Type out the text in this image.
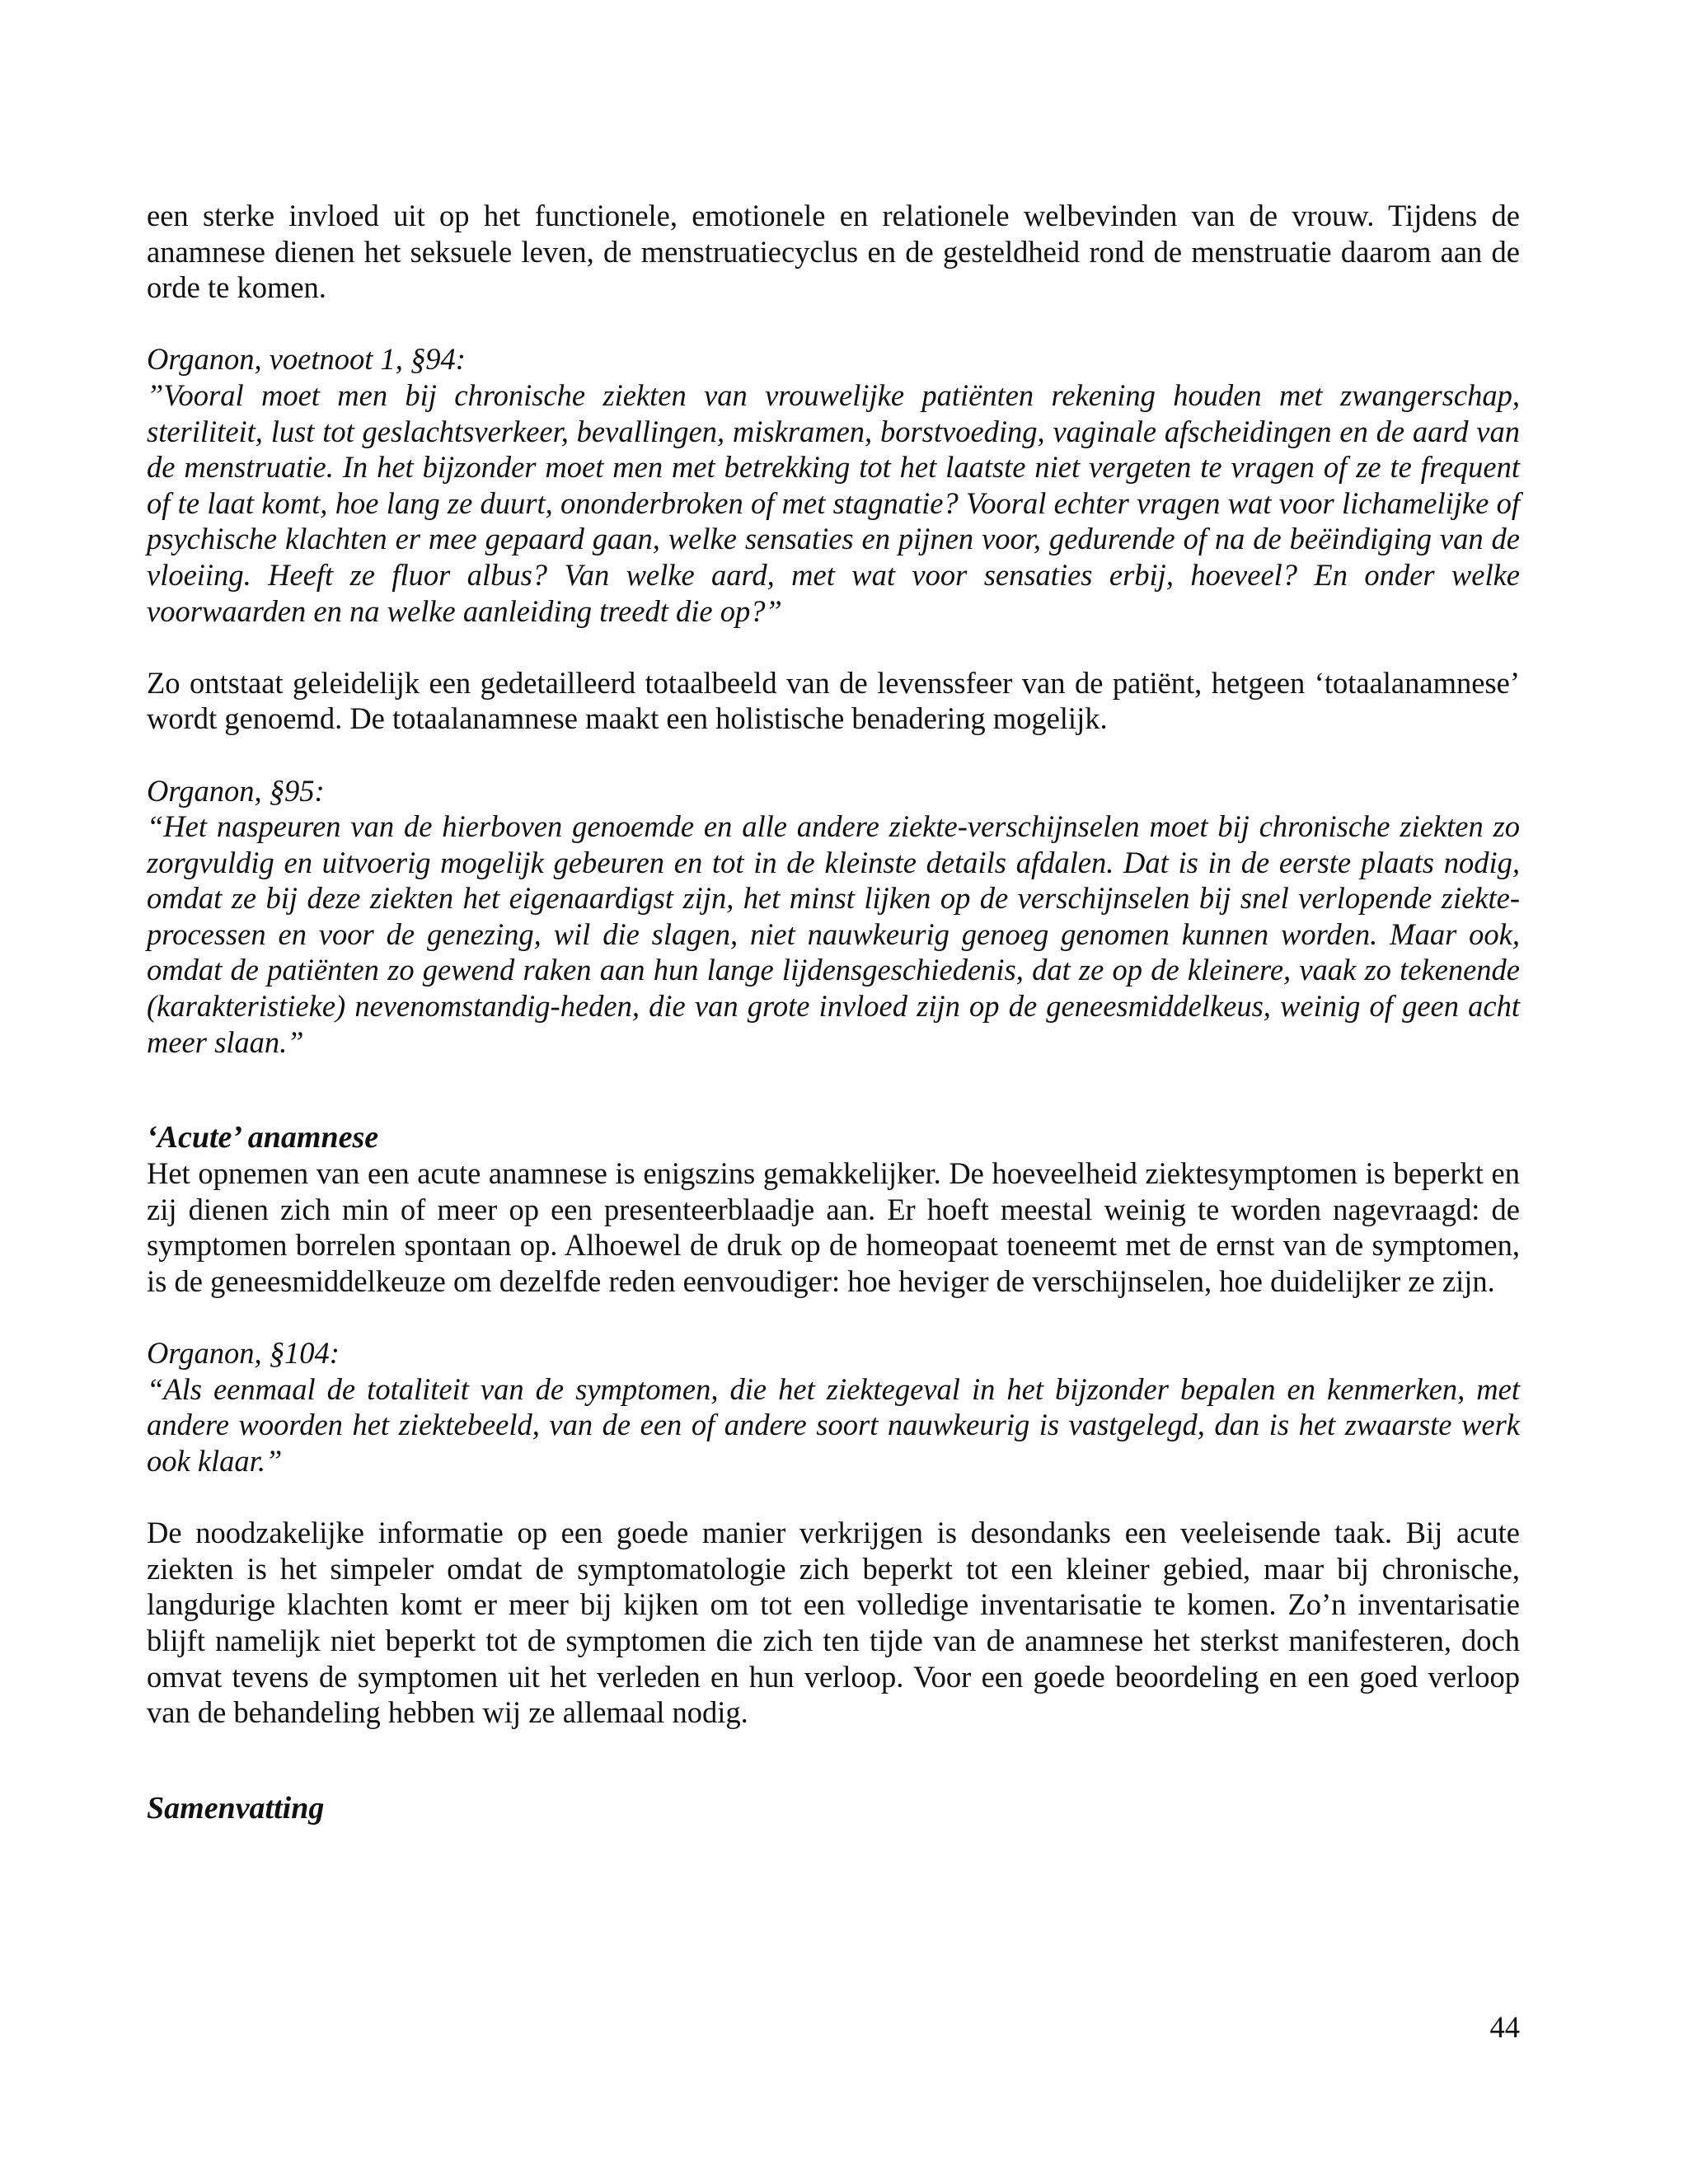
een sterke invloed uit op het functionele, emotionele en relationele welbevinden van de vrouw. Tijdens de anamnese dienen het seksuele leven, de menstruatiecyclus en de gesteldheid rond de menstruatie daarom aan de orde te komen.

Organon, voetnoot 1, §94:

”Vooral moet men bij chronische ziekten van vrouwelijke patiënten rekening houden met zwangerschap, steriliteit, lust tot geslachtsverkeer, bevallingen, miskramen, borstvoeding, vaginale afscheidingen en de aard van de menstruatie. In het bijzonder moet men met betrekking tot het laatste niet vergeten te vragen of ze te frequent of te laat komt, hoe lang ze duurt, ononderbroken of met stagnatie? Vooral echter vragen wat voor lichamelijke of psychische klachten er mee gepaard gaan, welke sensaties en pijnen voor, gedurende of na de beëindiging van de vloeiing. Heeft ze fluor albus? Van welke aard, met wat voor sensaties erbij, hoeveel? En onder welke voorwaarden en na welke aanleiding treedt die op?”

Zo ontstaat geleidelijk een gedetailleerd totaalbeeld van de levenssfeer van de patiënt, hetgeen ‘totaalanamnese’ wordt genoemd. De totaalanamnese maakt een holistische benadering mogelijk.

Organon, §95:

“Het naspeuren van de hierboven genoemde en alle andere ziekte-verschijnselen moet bij chronische ziekten zo zorgvuldig en uitvoerig mogelijk gebeuren en tot in de kleinste details afdalen. Dat is in de eerste plaats nodig, omdat ze bij deze ziekten het eigenaardigst zijn, het minst lijken op de verschijnselen bij snel verlopende ziekte-processen en voor de genezing, wil die slagen, niet nauwkeurig genoeg genomen kunnen worden. Maar ook, omdat de patiënten zo gewend raken aan hun lange lijdensgeschiedenis, dat ze op de kleinere, vaak zo tekenende (karakteristieke) nevenomstandig-heden, die van grote invloed zijn op de geneesmiddelkeus, weinig of geen acht meer slaan.”

‘Acute’ anamnese

Het opnemen van een acute anamnese is enigszins gemakkelijker. De hoeveelheid ziektesymptomen is beperkt en zij dienen zich min of meer op een presenteerblaadje aan. Er hoeft meestal weinig te worden nagevraagd: de symptomen borrelen spontaan op. Alhoewel de druk op de homeopaat toeneemt met de ernst van de symptomen, is de geneesmiddelkeuze om dezelfde reden eenvoudiger: hoe heviger de verschijnselen, hoe duidelijker ze zijn.

Organon, §104:

“Als eenmaal de totaliteit van de symptomen, die het ziektegeval in het bijzonder bepalen en kenmerken, met andere woorden het ziektebeeld, van de een of andere soort nauwkeurig is vastgelegd, dan is het zwaarste werk ook klaar.”

De noodzakelijke informatie op een goede manier verkrijgen is desondanks een veeleisende taak. Bij acute ziekten is het simpeler omdat de symptomatologie zich beperkt tot een kleiner gebied, maar bij chronische, langdurige klachten komt er meer bij kijken om tot een volledige inventarisatie te komen. Zo’n inventarisatie blijft namelijk niet beperkt tot de symptomen die zich ten tijde van de anamnese het sterkst manifesteren, doch omvat tevens de symptomen uit het verleden en hun verloop. Voor een goede beoordeling en een goed verloop van de behandeling hebben wij ze allemaal nodig.

Samenvatting
44
